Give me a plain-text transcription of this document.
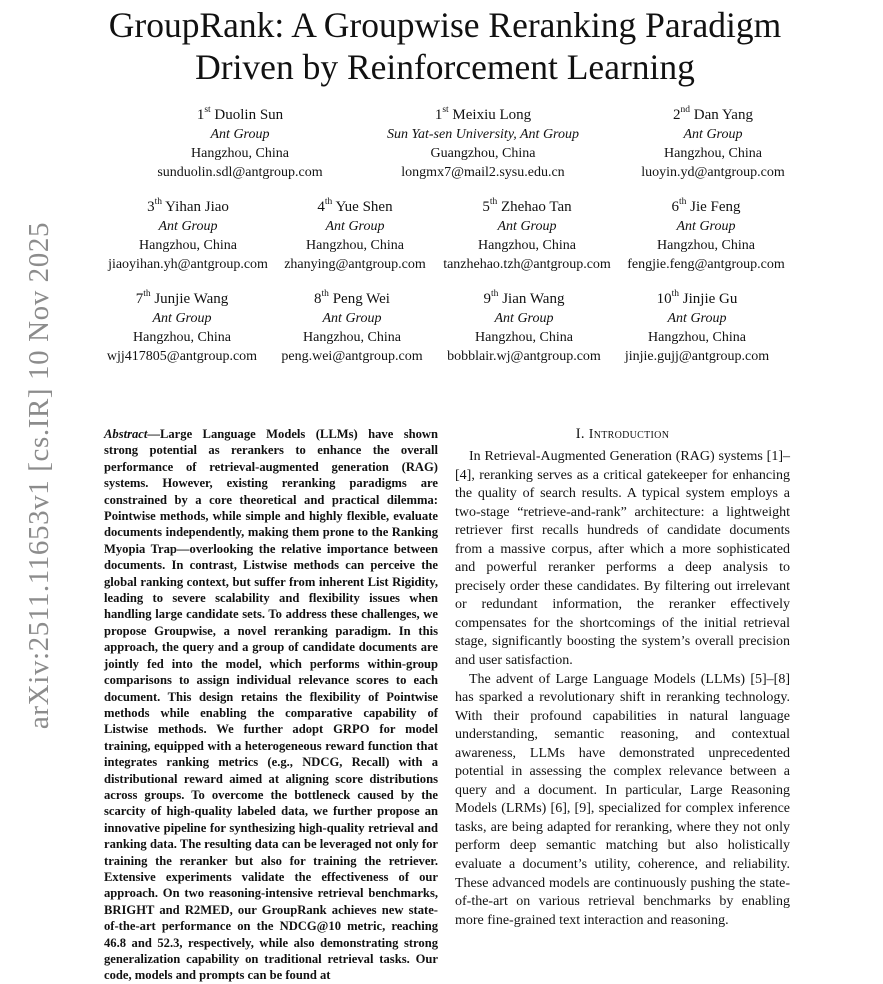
arXiv:2511.11653v1 [cs.IR] 10 Nov 2025
GroupRank: A Groupwise Reranking Paradigm
Driven by Reinforcement Learning
1st Duolin Sun
Ant Group
Hangzhou, China
sunduolin.sdl@antgroup.com
1st Meixiu Long
Sun Yat-sen University, Ant Group
Guangzhou, China
longmx7@mail2.sysu.edu.cn
2nd Dan Yang
Ant Group
Hangzhou, China
luoyin.yd@antgroup.com
3th Yihan Jiao
Ant Group
Hangzhou, China
jiaoyihan.yh@antgroup.com
4th Yue Shen
Ant Group
Hangzhou, China
zhanying@antgroup.com
5th Zhehao Tan
Ant Group
Hangzhou, China
tanzhehao.tzh@antgroup.com
6th Jie Feng
Ant Group
Hangzhou, China
fengjie.feng@antgroup.com
7th Junjie Wang
Ant Group
Hangzhou, China
wjj417805@antgroup.com
8th Peng Wei
Ant Group
Hangzhou, China
peng.wei@antgroup.com
9th Jian Wang
Ant Group
Hangzhou, China
bobblair.wj@antgroup.com
10th Jinjie Gu
Ant Group
Hangzhou, China
jinjie.gujj@antgroup.com

Abstract—Large Language Models (LLMs) have shown strong potential as rerankers to enhance the overall performance of retrieval-augmented generation (RAG) systems. However, existing reranking paradigms are constrained by a core theoretical and practical dilemma: Pointwise methods, while simple and highly flexible, evaluate documents independently, making them prone to the Ranking Myopia Trap—overlooking the relative importance between documents. In contrast, Listwise methods can perceive the global ranking context, but suffer from inherent List Rigidity, leading to severe scalability and flexibility issues when handling large candidate sets. To address these challenges, we propose Groupwise, a novel reranking paradigm. In this approach, the query and a group of candidate documents are jointly fed into the model, which performs within-group comparisons to assign individual relevance scores to each document. This design retains the flexibility of Pointwise methods while enabling the comparative capability of Listwise methods. We further adopt GRPO for model training, equipped with a heterogeneous reward function that integrates ranking metrics (e.g., NDCG, Recall) with a distributional reward aimed at aligning score distributions across groups. To overcome the bottleneck caused by the scarcity of high-quality labeled data, we further propose an innovative pipeline for synthesizing high-quality retrieval and ranking data. The resulting data can be leveraged not only for training the reranker but also for training the retriever. Extensive experiments validate the effectiveness of our approach. On two reasoning-intensive retrieval benchmarks, BRIGHT and R2MED, our GroupRank achieves new state-of-the-art performance on the NDCG@10 metric, reaching 46.8 and 52.3, respectively, while also demonstrating strong generalization capability on traditional retrieval tasks. Our code, models and prompts can be found at

I. Introduction

In Retrieval-Augmented Generation (RAG) systems [1]–[4], reranking serves as a critical gatekeeper for enhancing the quality of search results. A typical system employs a two-stage “retrieve-and-rank” architecture: a lightweight retriever first recalls hundreds of candidate documents from a massive corpus, after which a more sophisticated and powerful reranker performs a deep analysis to precisely order these candidates. By filtering out irrelevant or redundant information, the reranker effectively compensates for the shortcomings of the initial retrieval stage, significantly boosting the system’s overall precision and user satisfaction.

The advent of Large Language Models (LLMs) [5]–[8] has sparked a revolutionary shift in reranking technology. With their profound capabilities in natural language understanding, semantic reasoning, and contextual awareness, LLMs have demonstrated unprecedented potential in assessing the complex relevance between a query and a document. In particular, Large Reasoning Models (LRMs) [6], [9], specialized for complex inference tasks, are being adapted for reranking, where they not only perform deep semantic matching but also holistically evaluate a document’s utility, coherence, and reliability. These advanced models are continuously pushing the state-of-the-art on various retrieval benchmarks by enabling more fine-grained text interaction and reasoning.
